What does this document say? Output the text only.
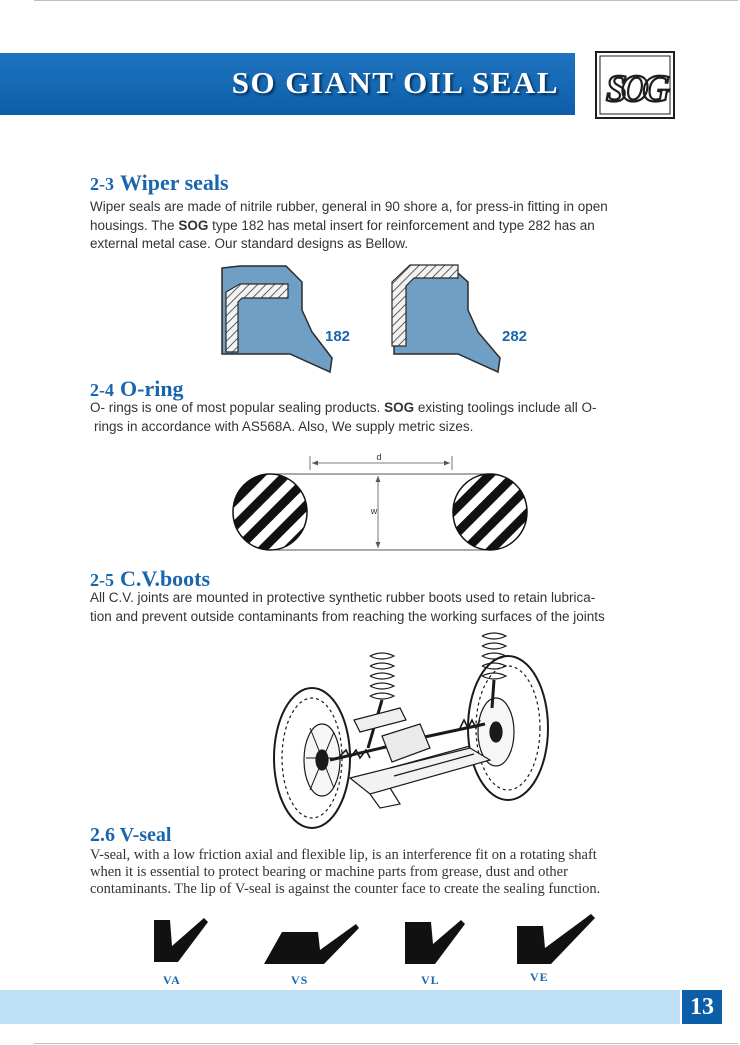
SO GIANT OIL SEAL SOG
2-3 Wiper seals

Wiper seals are made of nitrile rubber, general in 90 shore a, for press-in fitting in open
housings. The SOG type 182 has metal insert for reinforcement and type 282 has an
external metal case. Our standard designs as Bellow.

182	282
2-4 O-ring

O- rings is one of most popular sealing products. SOG existing toolings include all O-
rings in accordance with AS568A. Also, We supply metric sizes.

d
w
2-5 C.V.boots

All C.V. joints are mounted in protective synthetic rubber boots used to retain lubrica-
tion and prevent outside contaminants from reaching the working surfaces of the joints

2.6 V-seal

V-seal, with a low friction axial and flexible lip, is an interference fit on a rotating shaft
when it is essential to protect bearing or machine parts from grease, dust and other
contaminants. The lip of V-seal is against the counter face to create the sealing function.

VA	VS	VL	VE
13
